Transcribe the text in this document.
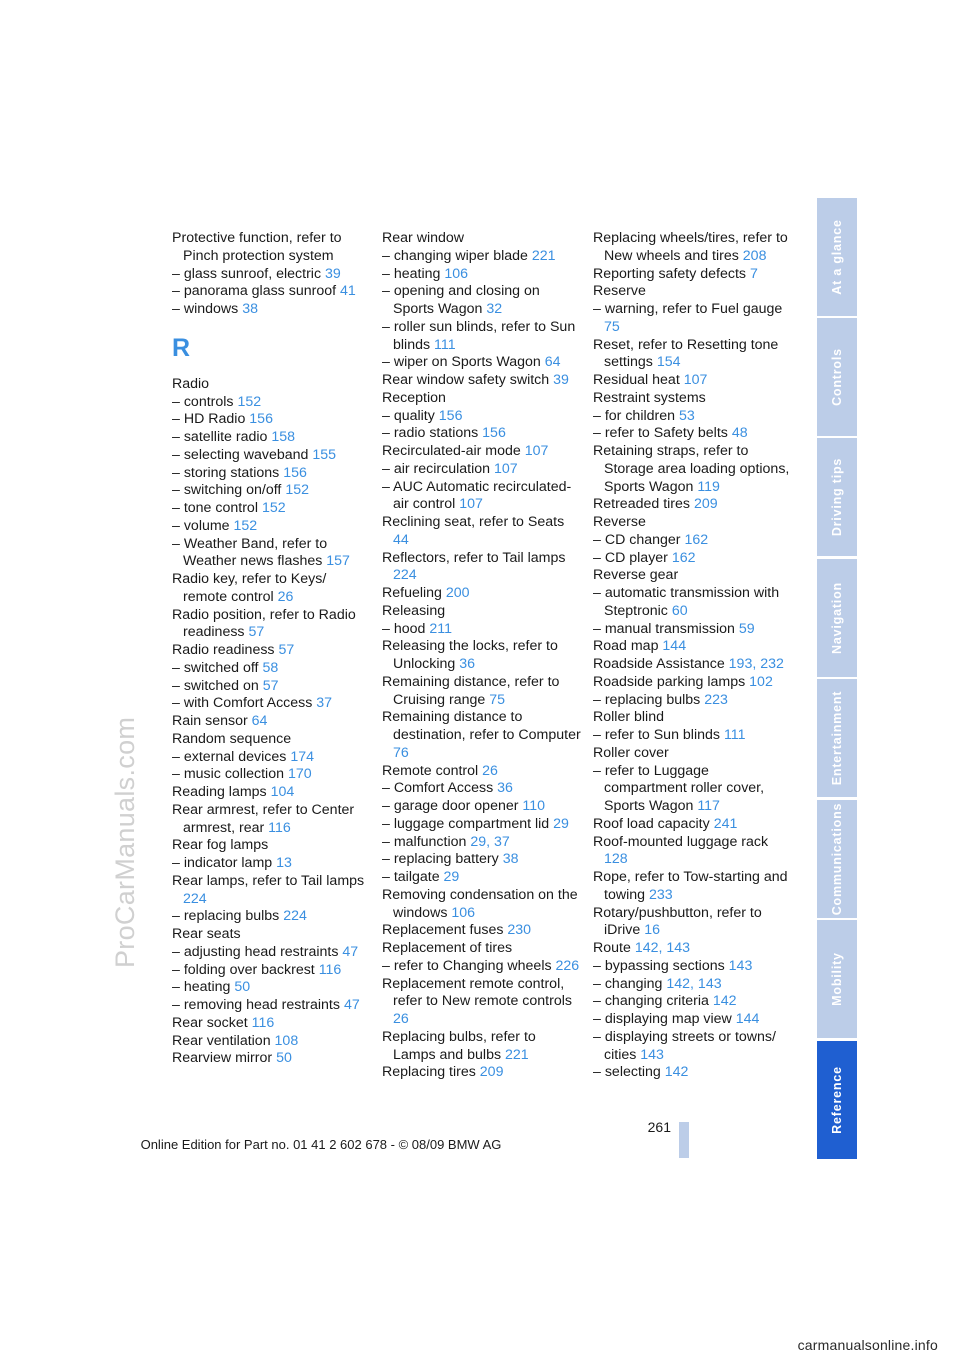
ProCarManuals.com

Protective function, refer to Pinch protection system

– glass sunroof, electric 39

– panorama glass sunroof 41

– windows 38

R

Radio

– controls 152

– HD Radio 156

– satellite radio 158

– selecting waveband 155

– storing stations 156

– switching on/off 152

– tone control 152

– volume 152

– Weather Band, refer to Weather news flashes 157

Radio key, refer to Keys/ remote control 26

Radio position, refer to Radio readiness 57

Radio readiness 57

– switched off 58

– switched on 57

– with Comfort Access 37

Rain sensor 64

Random sequence

– external devices 174

– music collection 170

Reading lamps 104

Rear armrest, refer to Center armrest, rear 116

Rear fog lamps

– indicator lamp 13

Rear lamps, refer to Tail lamps 224

– replacing bulbs 224

Rear seats

– adjusting head restraints 47

– folding over backrest 116

– heating 50

– removing head restraints 47

Rear socket 116

Rear ventilation 108

Rearview mirror 50

Rear window

– changing wiper blade 221

– heating 106

– opening and closing on Sports Wagon 32

– roller sun blinds, refer to Sun blinds 111

– wiper on Sports Wagon 64

Rear window safety switch 39

Reception

– quality 156

– radio stations 156

Recirculated-air mode 107

– air recirculation 107

– AUC Automatic recirculated-air control 107

Reclining seat, refer to Seats 44

Reflectors, refer to Tail lamps 224

Refueling 200

Releasing

– hood 211

Releasing the locks, refer to Unlocking 36

Remaining distance, refer to Cruising range 75

Remaining distance to destination, refer to Computer 76

Remote control 26

– Comfort Access 36

– garage door opener 110

– luggage compartment lid 29

– malfunction 29, 37

– replacing battery 38

– tailgate 29

Removing condensation on the windows 106

Replacement fuses 230

Replacement of tires

– refer to Changing wheels 226

Replacement remote control, refer to New remote controls 26

Replacing bulbs, refer to Lamps and bulbs 221

Replacing tires 209

Replacing wheels/tires, refer to New wheels and tires 208

Reporting safety defects 7

Reserve

– warning, refer to Fuel gauge 75

Reset, refer to Resetting tone settings 154

Residual heat 107

Restraint systems

– for children 53

– refer to Safety belts 48

Retaining straps, refer to Storage area loading options, Sports Wagon 119

Retreaded tires 209

Reverse

– CD changer 162

– CD player 162

Reverse gear

– automatic transmission with Steptronic 60

– manual transmission 59

Road map 144

Roadside Assistance 193, 232

Roadside parking lamps 102

– replacing bulbs 223

Roller blind

– refer to Sun blinds 111

Roller cover

– refer to Luggage compartment roller cover, Sports Wagon 117

Roof load capacity 241

Roof-mounted luggage rack 128

Rope, refer to Tow-starting and towing 233

Rotary/pushbutton, refer to iDrive 16

Route 142, 143

– bypassing sections 143

– changing 142, 143

– changing criteria 142

– displaying map view 144

– displaying streets or towns/ cities 143

– selecting 142

At a glance
Controls
Driving tips
Navigation
Entertainment
Communications
Mobility
Reference
261
Online Edition for Part no. 01 41 2 602 678 - © 08/09 BMW AG
carmanualsonline.info
